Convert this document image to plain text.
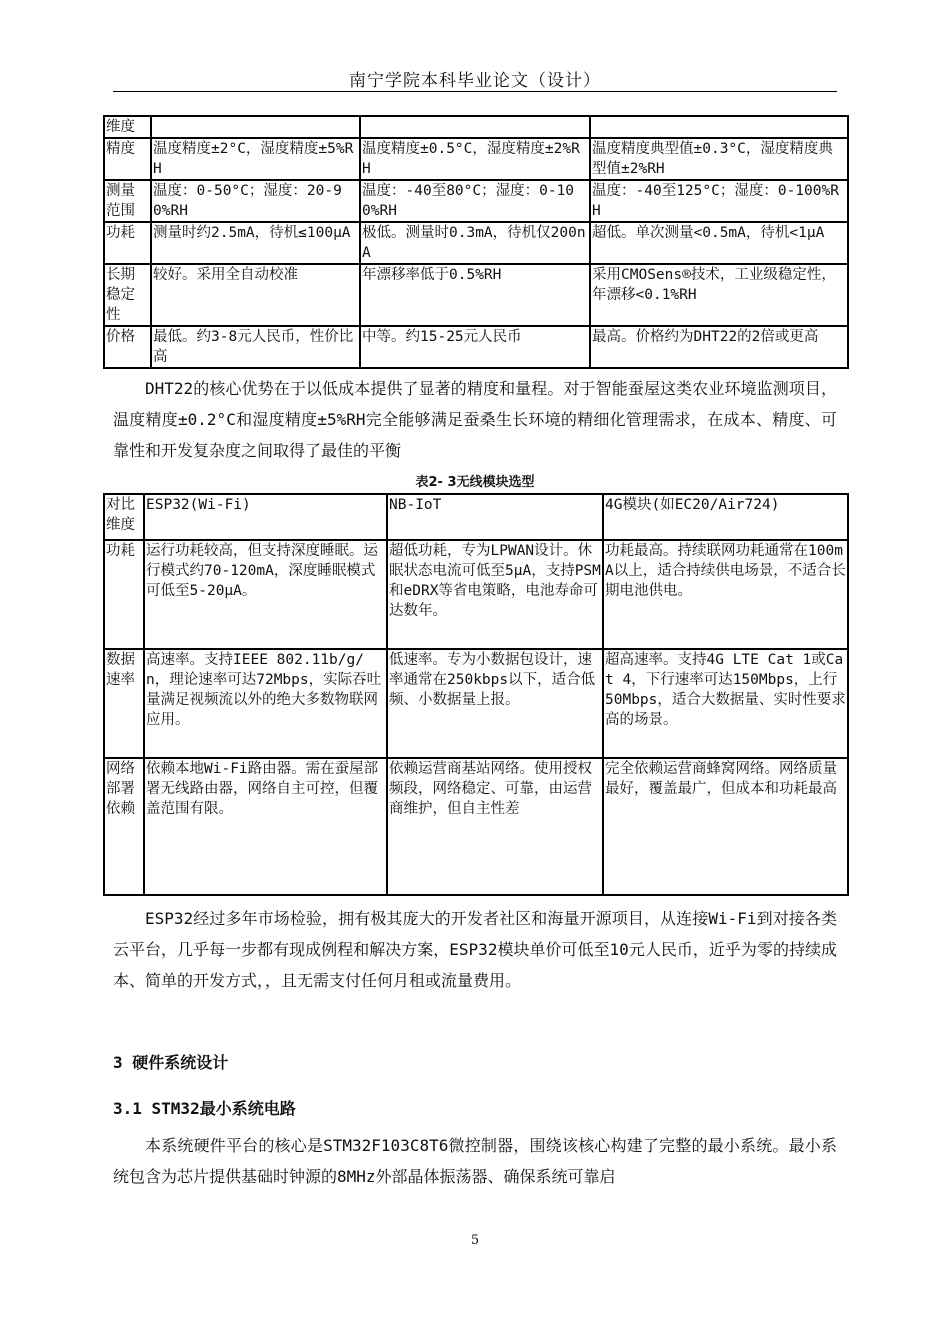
南宁学院本科毕业论文（设计）
维度			
精度	温度精度±2°C，湿度精度±5%RH	温度精度±0.5°C，湿度精度±2%RH	温度精度典型值±0.3°C，湿度精度典型值±2%RH
测量范围	温度：0-50°C；湿度：20-90%RH	温度：-40至80°C；湿度：0-100%RH	温度：-40至125°C；湿度：0-100%RH
功耗	测量时约2.5mA，待机≤100μA	极低。测量时0.3mA，待机仅200nA	超低。单次测量<0.5mA，待机<1μA
长期稳定性	较好。采用全自动校准	年漂移率低于0.5%RH	采用CMOSens®技术，工业级稳定性，年漂移<0.1%RH
价格	最低。约3-8元人民币，性价比高	中等。约15-25元人民币	最高。价格约为DHT22的2倍或更高

DHT22的核心优势在于以低成本提供了显著的精度和量程。对于智能蚕屋这类农业环境监测项目，温度精度±0.2°C和湿度精度±5%RH完全能够满足蚕桑生长环境的精细化管理需求，在成本、精度、可靠性和开发复杂度之间取得了最佳的平衡

表2- 3无线模块选型
对比维度	ESP32(Wi-Fi)	NB-IoT	4G模块(如EC20/Air724)
功耗	运行功耗较高，但支持深度睡眠。运行模式约70-120mA，深度睡眠模式可低至5-20μA。	超低功耗，专为LPWAN设计。休眠状态电流可低至5μA，支持PSM和eDRX等省电策略，电池寿命可达数年。	功耗最高。持续联网功耗通常在100mA以上，适合持续供电场景，不适合长期电池供电。
数据速率	高速率。支持IEEE 802.11b/g/n，理论速率可达72Mbps，实际吞吐量满足视频流以外的绝大多数物联网应用。	低速率。专为小数据包设计，速率通常在250kbps以下，适合低频、小数据量上报。	超高速率。支持4G LTE Cat 1或Cat 4，下行速率可达150Mbps，上行50Mbps，适合大数据量、实时性要求高的场景。
网络部署依赖	依赖本地Wi-Fi路由器。需在蚕屋部署无线路由器，网络自主可控，但覆盖范围有限。	依赖运营商基站网络。使用授权频段，网络稳定、可靠，由运营商维护，但自主性差	完全依赖运营商蜂窝网络。网络质量最好，覆盖最广，但成本和功耗最高

ESP32经过多年市场检验，拥有极其庞大的开发者社区和海量开源项目，从连接Wi-Fi到对接各类云平台，几乎每一步都有现成例程和解决方案，ESP32模块单价可低至10元人民币，近乎为零的持续成本、简单的开发方式，，且无需支付任何月租或流量费用。

3 硬件系统设计
3.1 STM32最小系统电路

本系统硬件平台的核心是STM32F103C8T6微控制器，围绕该核心构建了完整的最小系统。最小系统包含为芯片提供基础时钟源的8MHz外部晶体振荡器、确保系统可靠启

5
